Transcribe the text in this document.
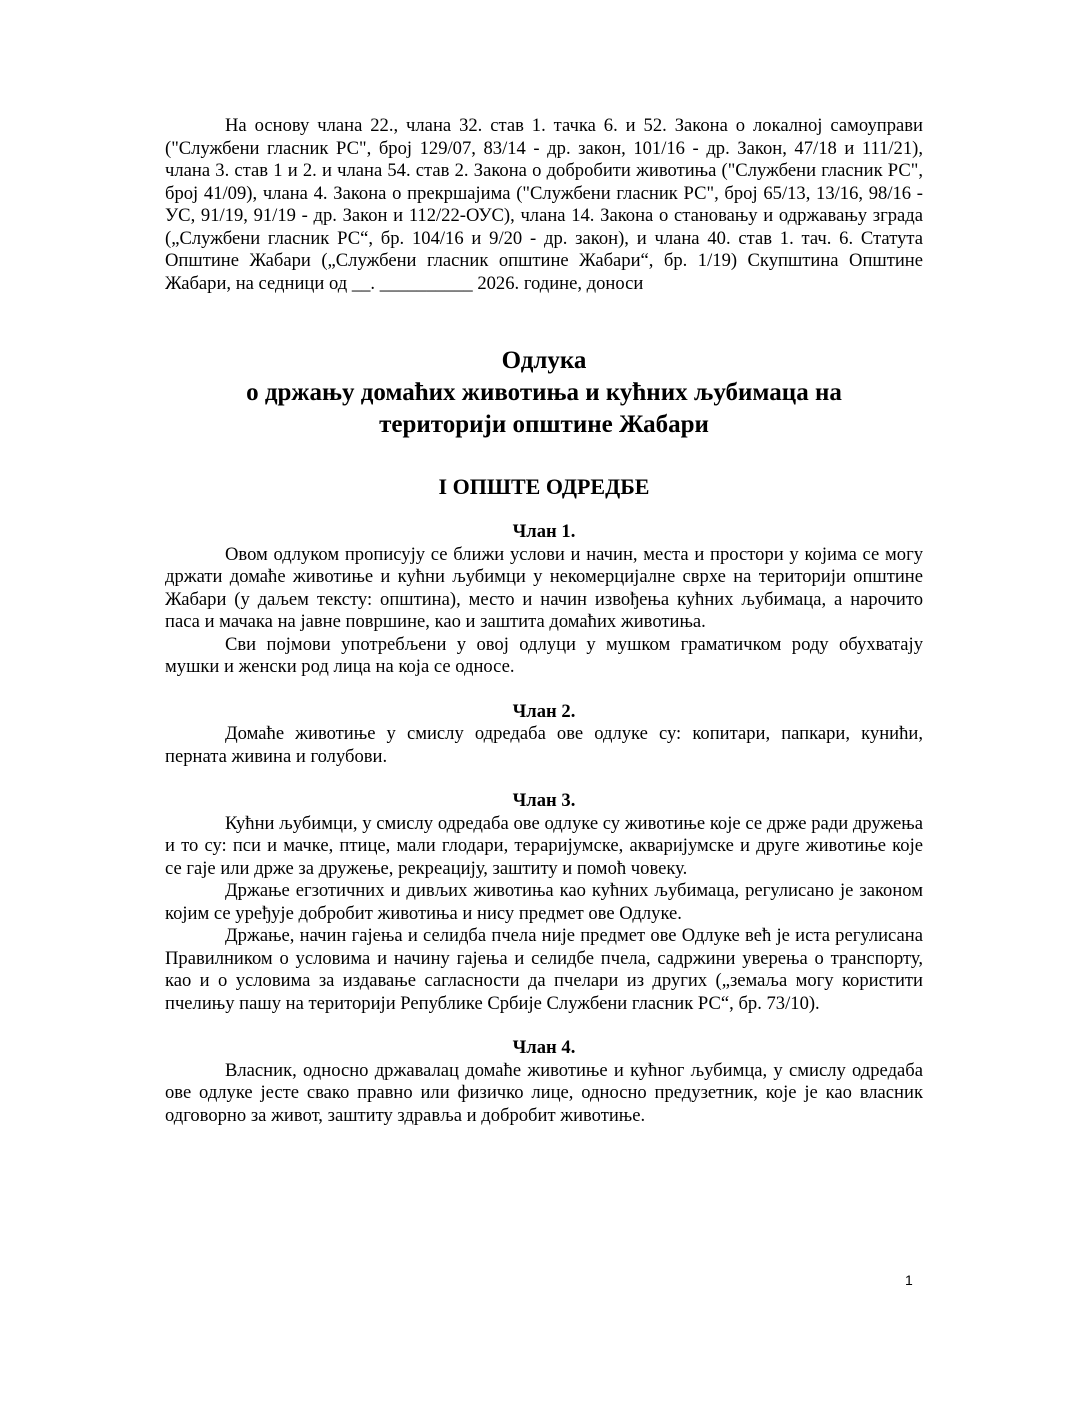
На основу члана 22., члана 32. став 1. тачка 6. и 52. Закона о локалној самоуправи ("Службени гласник РС", број 129/07, 83/14 - др. закон, 101/16 - др. Закон, 47/18 и 111/21), члана 3. став 1 и 2. и члана 54. став 2. Закона о добробити животиња ("Службени гласник РС", број 41/09), члана 4. Закона о прекршајима ("Службени гласник РС", број 65/13, 13/16, 98/16 - УС, 91/19, 91/19 - др. Закон и 112/22-ОУС), члана 14. Закона о становању и одржавању зграда („Службени гласник РС“, бр. 104/16 и 9/20 - др. закон), и члана 40. став 1. тач. 6. Статута Општине Жабари („Службени гласник општине Жабари“, бр. 1/19) Скупштина Општине Жабари, на седници од __. __________ 2026. године, доноси

Одлука
о држању домаћих животиња и кућних љубимаца на
територији општине Жабари
I ОПШТЕ ОДРЕДБЕ
Члан 1.

Овом одлуком прописују се ближи услови и начин, места и простори у којима се могу држати домаће животиње и кућни љубимци у некомерцијалне сврхе на територији општине Жабари (у даљем тексту: општина), место и начин извођења кућних љубимаца, а нарочито паса и мачака на јавне површине, као и заштита домаћих животиња.

Сви појмови употребљени у овој одлуци у мушком граматичком роду обухватају мушки и женски род лица на која се односе.

Члан 2.

Домаће животиње у смислу одредаба ове одлуке су: копитари, папкари, кунићи, перната живина и голубови.

Члан 3.

Кућни љубимци, у смислу одредаба ове одлуке су животиње које се држе ради дружења и то су: пси и мачке, птице, мали глодари, тераријумске, акваријумске и друге животиње које се гаје или држе за дружење, рекреацију, заштиту и помоћ човеку.

Држање егзотичних и дивљих животиња као кућних љубимаца, регулисано је законом којим се уређује добробит животиња и нису предмет ове Одлуке.

Држање, начин гајења и селидба пчела није предмет ове Одлуке већ је иста регулисана Правилником о условима и начину гајења и селидбе пчела, садржини уверења о транспорту, као и о условима за издавање сагласности да пчелари из других („земаља могу користити пчелињу пашу на територији Републике Србије Службени гласник РС“, бр. 73/10).

Члан 4.

Власник, односно државалац домаће животиње и кућног љубимца, у смислу одредаба ове одлуке јесте свако правно или физичко лице, односно предузетник, које је као власник одговорно за живот, заштиту здравља и добробит животиње.

1
